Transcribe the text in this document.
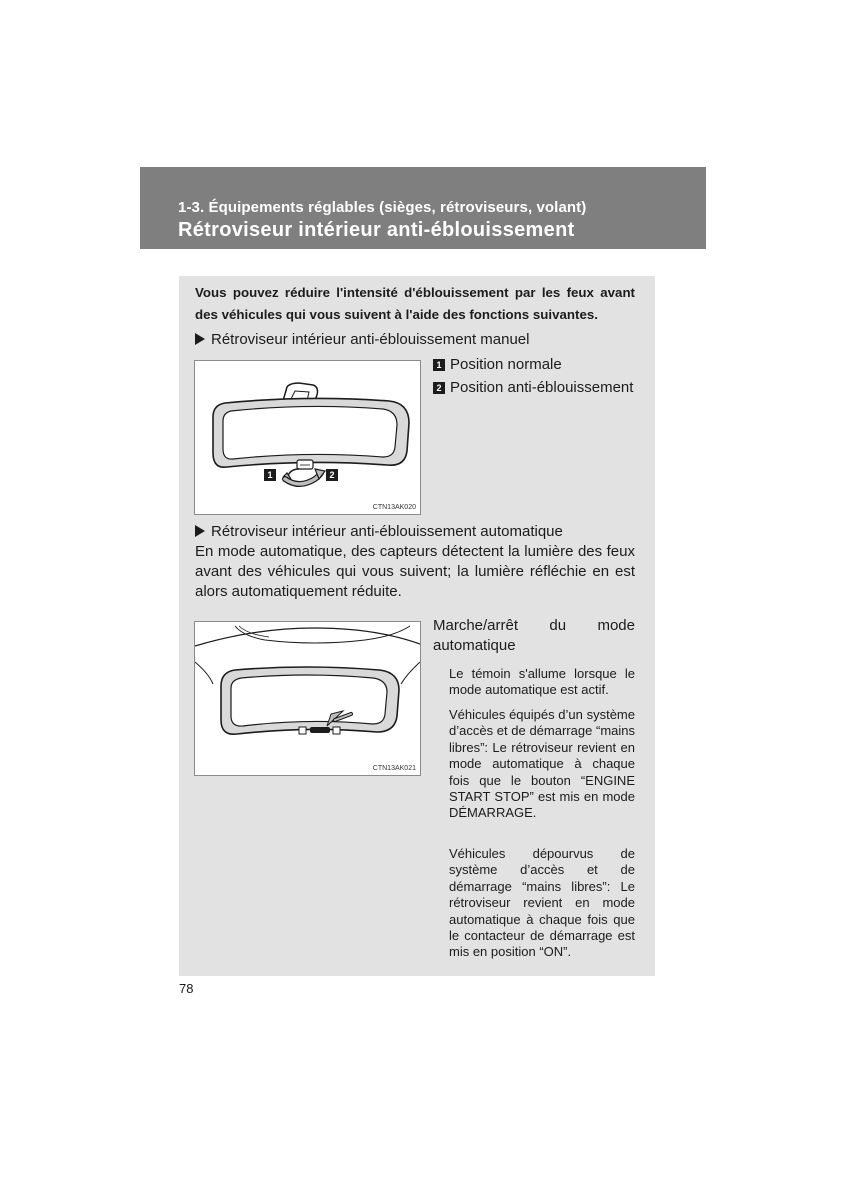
1-3. Équipements réglables (sièges, rétroviseurs, volant)
Rétroviseur intérieur anti-éblouissement
Vous pouvez réduire l'intensité d'éblouissement par les feux avant des véhicules qui vous suivent à l'aide des fonctions suivantes.
Rétroviseur intérieur anti-éblouissement manuel
1	2
CTN13AK020
1 Position normale
2 Position anti-éblouissement
Rétroviseur intérieur anti-éblouissement automatique
En mode automatique, des capteurs détectent la lumière des feux avant des véhicules qui vous suivent; la lumière réfléchie en est alors automatiquement réduite.
CTN13AK021
Marche/arrêt du mode automatique
Le témoin s'allume lorsque le mode automatique est actif.
Véhicules équipés d’un système d’accès et de démarrage “mains libres”: Le rétroviseur revient en mode automatique à chaque fois que le bouton “ENGINE START STOP” est mis en mode DÉMARRAGE.
Véhicules dépourvus de système d’accès et de démarrage “mains libres”: Le rétroviseur revient en mode automatique à chaque fois que le contacteur de démarrage est mis en position “ON”.
78
